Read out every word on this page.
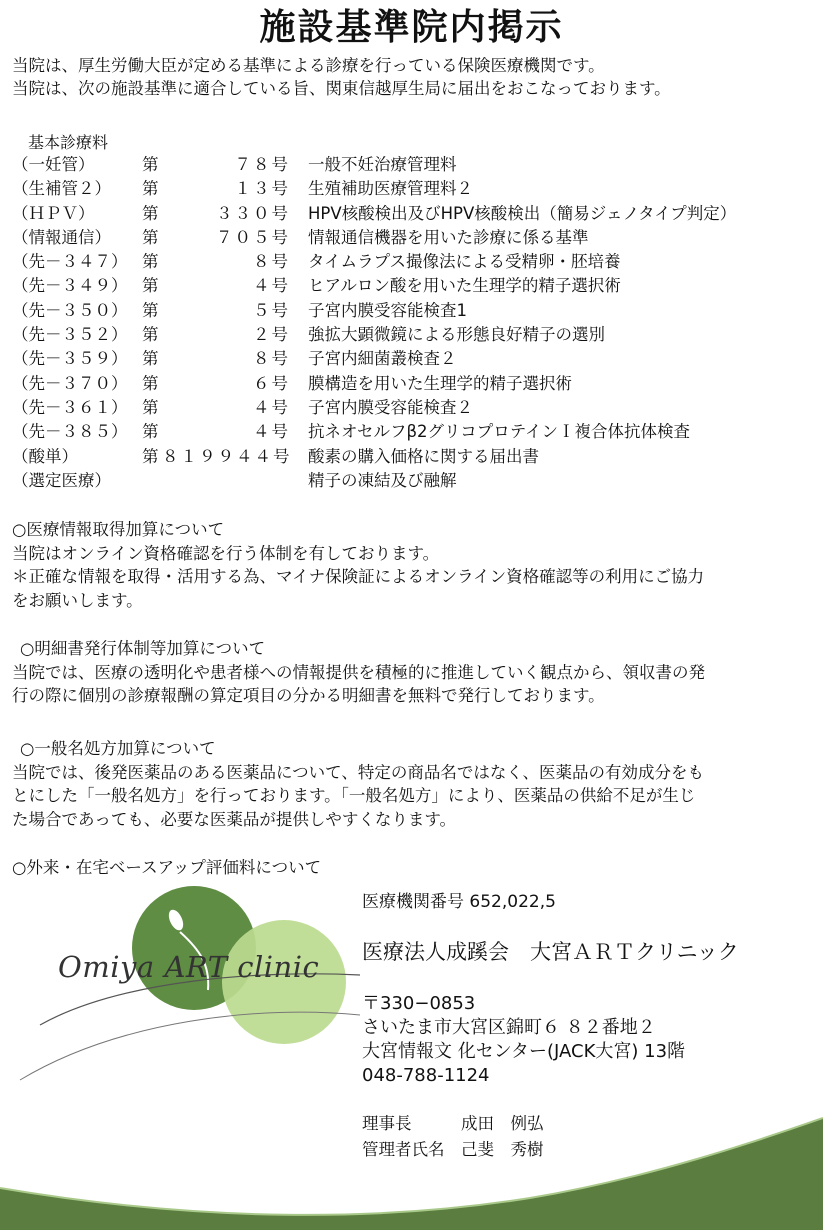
施設基準院内掲示
当院は、厚生労働大臣が定める基準による診療を行っている保険医療機関です。
当院は、次の施設基準に適合している旨、関東信越厚生局に届出をおこなっております。
基本診療料
（一妊管）	第	７８号 一般不妊治療管理料
（生補管２） 第	１３号 生殖補助医療管理料２
（ＨＰＶ）	第	３３０号 HPV核酸検出及びHPV核酸検出（簡易ジェノタイプ判定）
（情報通信） 第	７０５号 情報通信機器を用いた診療に係る基準
（先－３４７） 第	８号 タイムラプス撮像法による受精卵・胚培養
（先－３４９） 第	４号 ヒアルロン酸を用いた生理学的精子選択術
（先－３５０） 第	５号 子宮内膜受容能検査1
（先－３５２） 第	２号 強拡大顕微鏡による形態良好精子の選別
（先－３５９） 第	８号 子宮内細菌叢検査２
（先－３７０） 第	６号 膜構造を用いた生理学的精子選択術
（先－３６１） 第	４号 子宮内膜受容能検査２
（先－３８５） 第	４号 抗ネオセルフβ2グリコプロテインＩ複合体抗体検査
（酸単）	第 ８１９９４４号 酸素の購入価格に関する届出書
（選定医療）	精子の凍結及び融解
○医療情報取得加算について
当院はオンライン資格確認を行う体制を有しております。
＊正確な情報を取得・活用する為、マイナ保険証によるオンライン資格確認等の利用にご協力
をお願いします。
○明細書発行体制等加算について
当院では、医療の透明化や患者様への情報提供を積極的に推進していく観点から、領収書の発
行の際に個別の診療報酬の算定項目の分かる明細書を無料で発行しております。
○一般名処方加算について
当院では、後発医薬品のある医薬品について、特定の商品名ではなく、医薬品の有効成分をも
とにした「一般名処方」を行っております。「一般名処方」により、医薬品の供給不足が生じ
た場合であっても、必要な医薬品が提供しやすくなります。
○外来・在宅ベースアップ評価料について
Omiya ART clinic
医療機関番号 652,022,5
医療法人成蹊会　大宮ＡＲＴクリニック
〒330−0853
さいたま市大宮区錦町６ ８２番地２
大宮情報文 化センター(JACK大宮) 13階
048-788-1124
理事長　　　成田　例弘
管理者氏名　己斐　秀樹
